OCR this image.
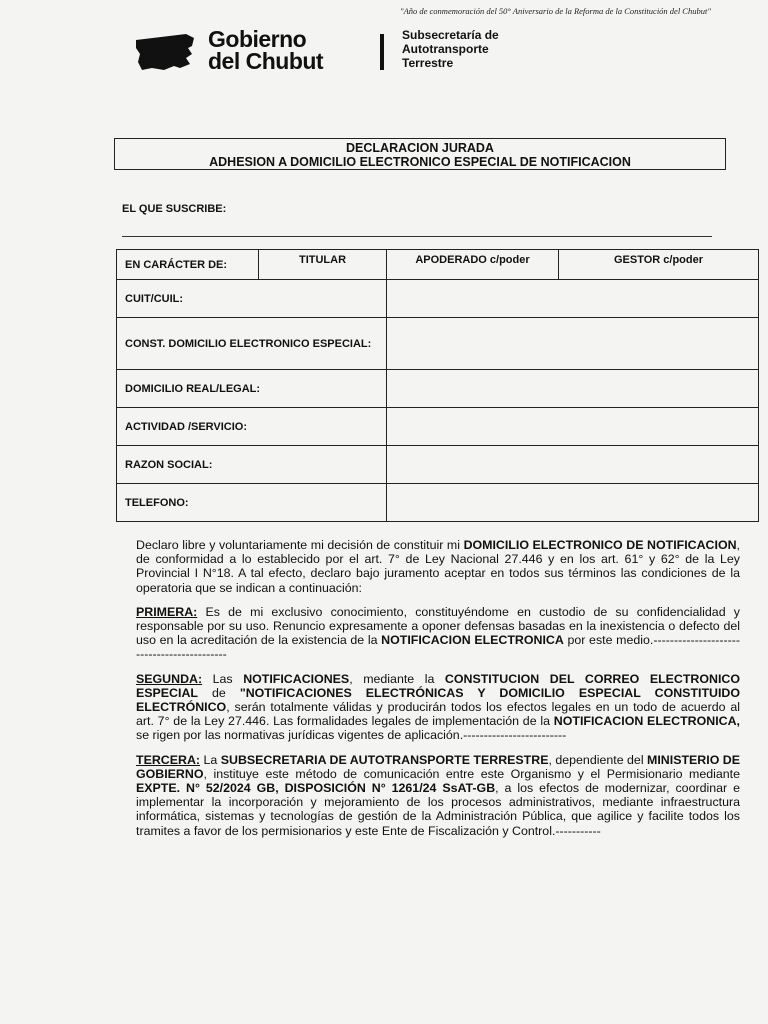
"Año de conmemoración del 50° Aniversario de la Reforma de la Constitución del Chubut"
Gobierno
del Chubut
Subsecretaría de
Autotransporte
Terrestre
DECLARACION JURADA
ADHESION A DOMICILIO ELECTRONICO ESPECIAL DE NOTIFICACION
EL QUE SUSCRIBE:
EN CARÁCTER DE:	TITULAR	APODERADO c/poder	GESTOR c/poder
CUIT/CUIL:			
CONST. DOMICILIO ELECTRONICO ESPECIAL:			
DOMICILIO REAL/LEGAL:			
ACTIVIDAD /SERVICIO:			
RAZON SOCIAL:			
TELEFONO:			

Declaro libre y voluntariamente mi decisión de constituir mi DOMICILIO ELECTRONICO DE NOTIFICACION, de conformidad a lo establecido por el art. 7° de Ley Nacional 27.446 y en los art. 61° y 62° de la Ley Provincial I N°18. A tal efecto, declaro bajo juramento aceptar en todos sus términos las condiciones de la operatoria que se indican a continuación:

PRIMERA: Es de mi exclusivo conocimiento, constituyéndome en custodio de su confidencialidad y responsable por su uso. Renuncio expresamente a oponer defensas basadas en la inexistencia o defecto del uso en la acreditación de la existencia de la NOTIFICACION ELECTRONICA por este medio.-------------------------------------------

SEGUNDA: Las NOTIFICACIONES, mediante la CONSTITUCION DEL CORREO ELECTRONICO ESPECIAL de "NOTIFICACIONES ELECTRÓNICAS Y DOMICILIO ESPECIAL CONSTITUIDO ELECTRÓNICO, serán totalmente válidas y producirán todos los efectos legales en un todo de acuerdo al art. 7° de la Ley 27.446. Las formalidades legales de implementación de la NOTIFICACION ELECTRONICA, se rigen por las normativas jurídicas vigentes de aplicación.-------------------------

TERCERA: La SUBSECRETARIA DE AUTOTRANSPORTE TERRESTRE, dependiente del MINISTERIO DE GOBIERNO, instituye este método de comunicación entre este Organismo y el Permisionario mediante EXPTE. N° 52/2024 GB, DISPOSICIÓN N° 1261/24 SsAT-GB, a los efectos de modernizar, coordinar e implementar la incorporación y mejoramiento de los procesos administrativos, mediante infraestructura informática, sistemas y tecnologías de gestión de la Administración Pública, que agilice y facilite todos los tramites a favor de los permisionarios y este Ente de Fiscalización y Control.-----------
